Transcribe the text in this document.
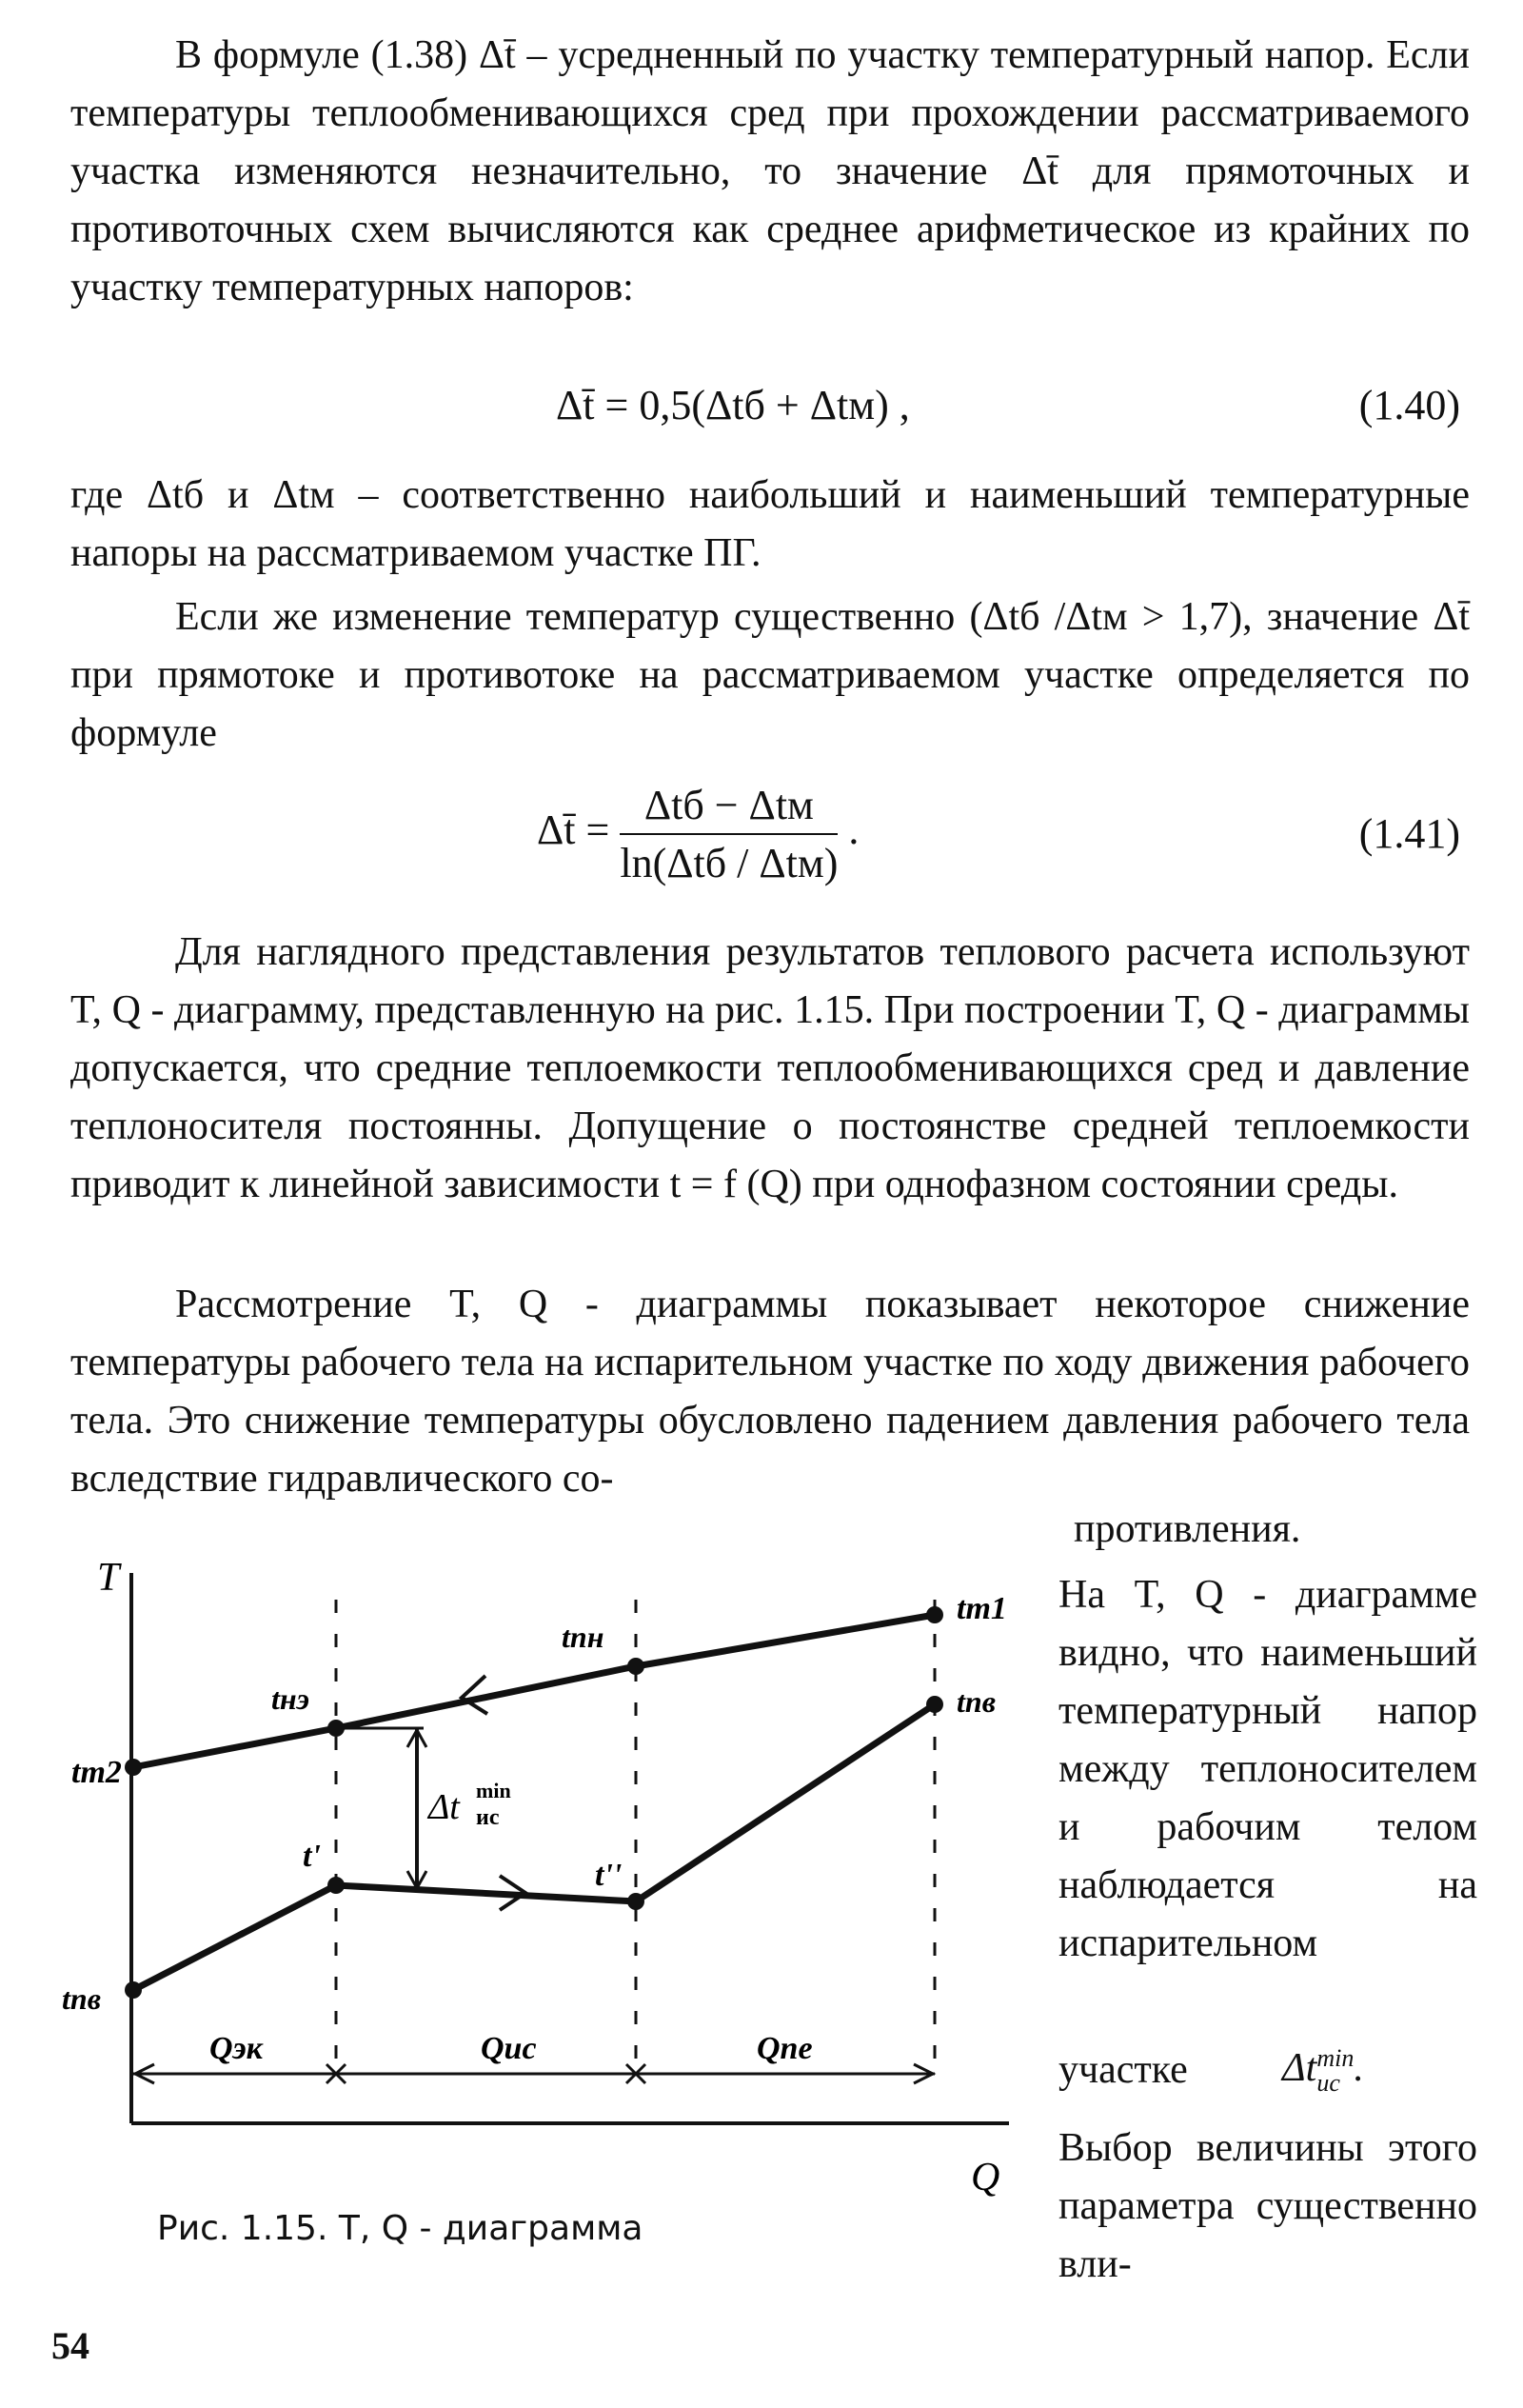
В формуле (1.38) Δt̄ – усредненный по участку температурный напор. Если температуры теплообменивающихся сред при прохождении рассматриваемого участка изменяются незначительно, то значение Δt̄ для прямоточных и противоточных схем вычисляются как среднее арифметическое из крайних по участку температурных напоров:

Δt̄ = 0,5(Δtб + Δtм) ,	(1.40)

где Δtб и Δtм – соответственно наибольший и наименьший температурные напоры на рассматриваемом участке ПГ.

Если же изменение температур существенно (Δtб /Δtм > 1,7), значение Δt̄ при прямотоке и противотоке на рассматриваемом участке определяется по формуле

Δt̄ = $\frac{\text{Δtб − Δtм}}{\text{ln(Δtб / Δtм)}}$ .	(1.41)

Для наглядного представления результатов теплового расчета используют T, Q - диаграмму, представленную на рис. 1.15. При построении T, Q - диаграммы допускается, что средние теплоемкости теплообменивающихся сред и давление теплоносителя постоянны. Допущение о постоянстве средней теплоемкости приводит к линейной зависимости t = f (Q) при однофазном состоянии среды.

Рассмотрение T, Q - диаграммы показывает некоторое снижение температуры рабочего тела на испарительном участке по ходу движения рабочего тела. Это снижение температуры обусловлено падением давления рабочего тела вследствие гидравлического со-

противления.
На T, Q - диаграмме видно, что наименьший температурный напор между теплоносителем и рабочим телом наблюдается на испарительном
участке Δt min
ис .
Выбор величины этого параметра существенно вли-
T
Q
Δt min
ис
tт1
tпв
tпн
tнэ
tт2
t'
t''
tпв
Qэк	Qис	Qпе
Рис. 1.15. T, Q - диаграмма
54
